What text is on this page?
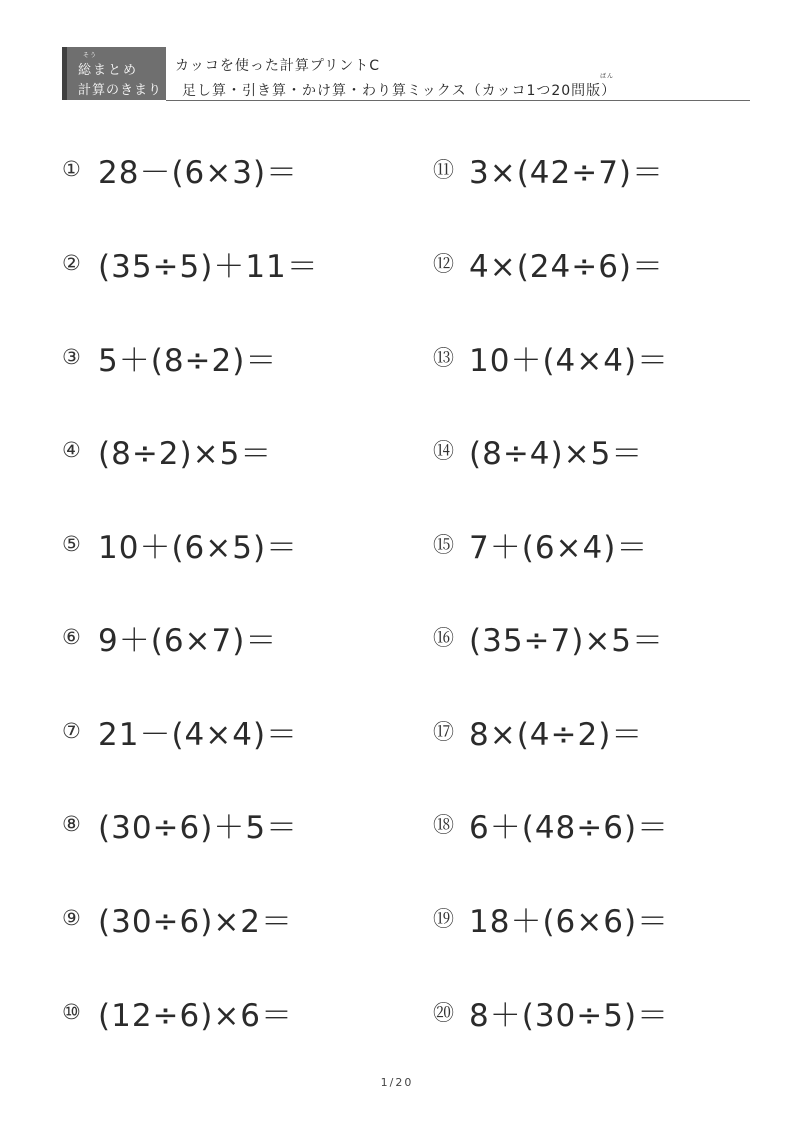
そう
総まとめ
計算のきまり
カッコを使った計算プリントC
ばん
足し算・引き算・かけ算・わり算ミックス（カッコ1つ20問版）
① 28－(6×3)＝
② (35÷5)＋11＝
③ 5＋(8÷2)＝
④ (8÷2)×5＝
⑤ 10＋(6×5)＝
⑥ 9＋(6×7)＝
⑦ 21－(4×4)＝
⑧ (30÷6)＋5＝
⑨ (30÷6)×2＝
⑩ (12÷6)×6＝
⑪ 3×(42÷7)＝
⑫ 4×(24÷6)＝
⑬ 10＋(4×4)＝
⑭ (8÷4)×5＝
⑮ 7＋(6×4)＝
⑯ (35÷7)×5＝
⑰ 8×(4÷2)＝
⑱ 6＋(48÷6)＝
⑲ 18＋(6×6)＝
⑳ 8＋(30÷5)＝
1/20
